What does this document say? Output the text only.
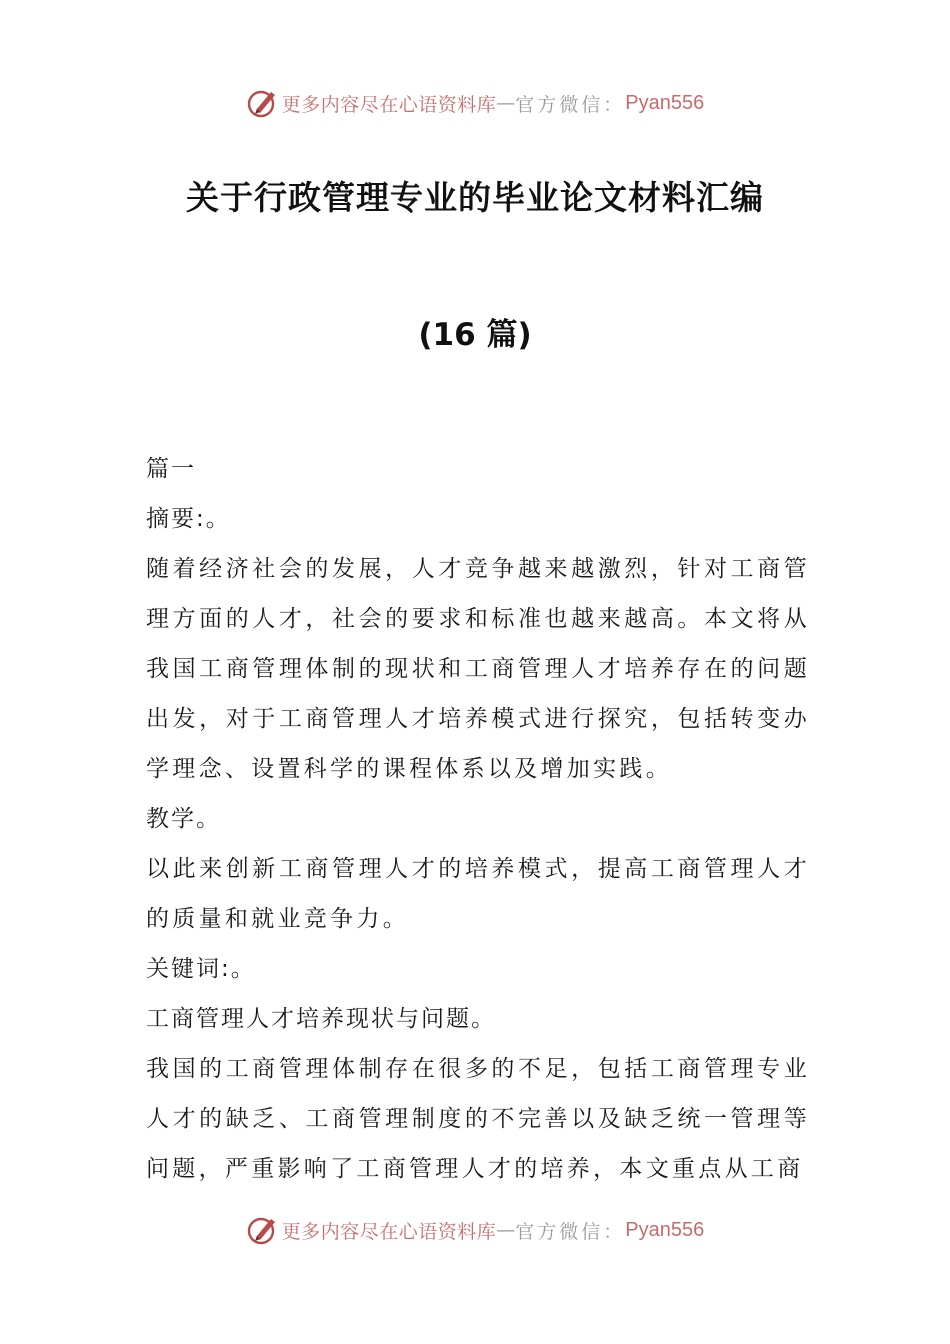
更多内容尽在心语资料库 — 官方微信： Pyan556
关于行政管理专业的毕业论文材料汇编
(16 篇)

篇一

摘要:。

随着经济社会的发展，人才竞争越来越激烈，针对工商管理方面的人才，社会的要求和标准也越来越高。本文将从我国工商管理体制的现状和工商管理人才培养存在的问题出发，对于工商管理人才培养模式进行探究，包括转变办学理念、设置科学的课程体系以及增加实践。

教学。

以此来创新工商管理人才的培养模式，提高工商管理人才的质量和就业竞争力。

关键词:。

工商管理人才培养现状与问题。

我国的工商管理体制存在很多的不足，包括工商管理专业人才的缺乏、工商管理制度的不完善以及缺乏统一管理等问题，严重影响了工商管理人才的培养，本文重点从工商

更多内容尽在心语资料库 — 官方微信： Pyan556
